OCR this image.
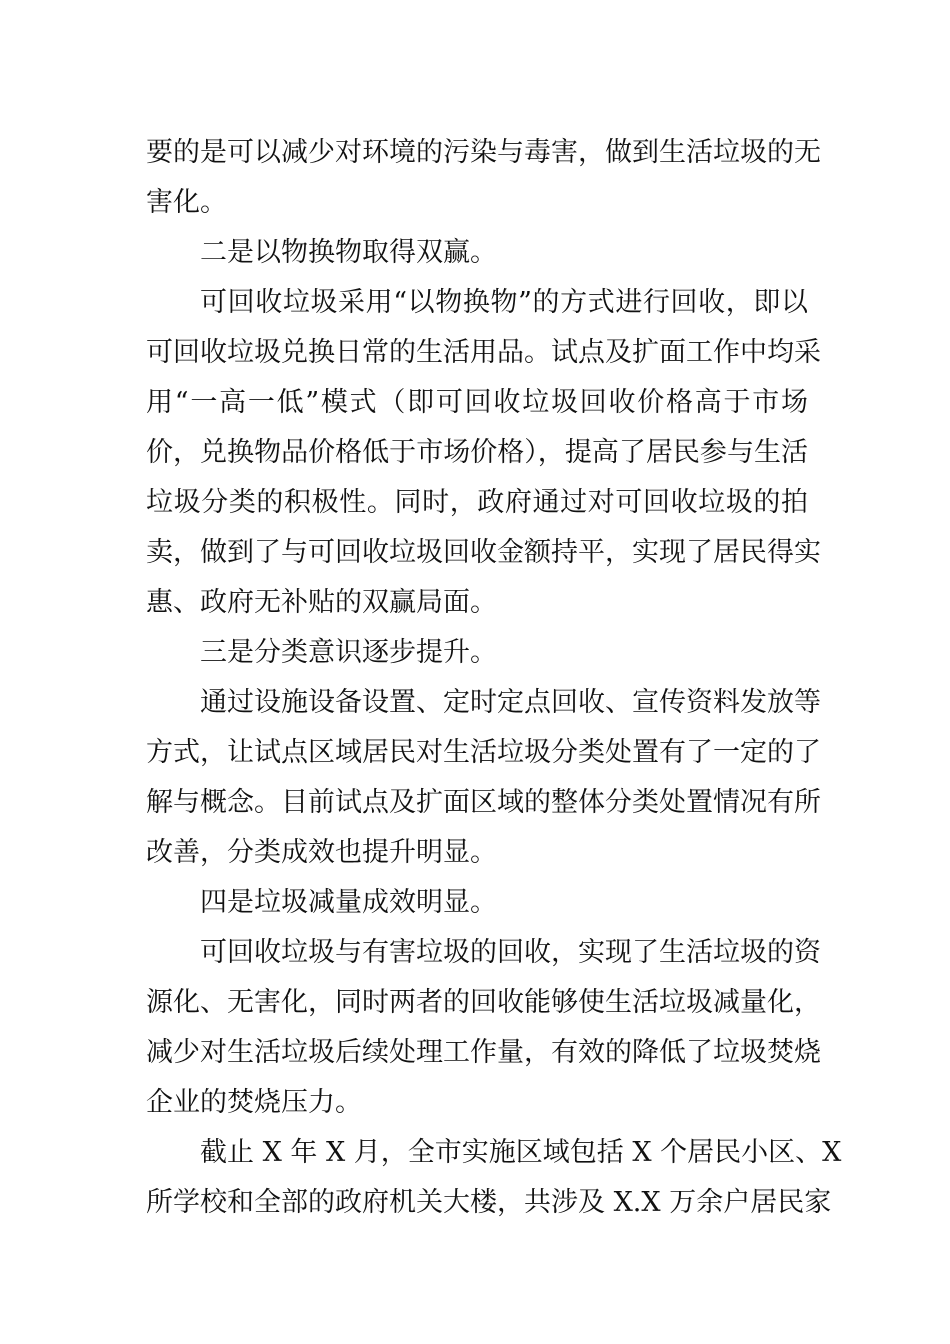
要的是可以减少对环境的污染与毒害，做到生活垃圾的无
害化。
二是以物换物取得双赢。
可回收垃圾采用“以物换物”的方式进行回收，即以
可回收垃圾兑换日常的生活用品。试点及扩面工作中均采
用“一高一低”模式（即可回收垃圾回收价格高于市场
价，兑换物品价格低于市场价格），提高了居民参与生活
垃圾分类的积极性。同时，政府通过对可回收垃圾的拍
卖，做到了与可回收垃圾回收金额持平，实现了居民得实
惠、政府无补贴的双赢局面。
三是分类意识逐步提升。
通过设施设备设置、定时定点回收、宣传资料发放等
方式，让试点区域居民对生活垃圾分类处置有了一定的了
解与概念。目前试点及扩面区域的整体分类处置情况有所
改善，分类成效也提升明显。
四是垃圾减量成效明显。
可回收垃圾与有害垃圾的回收，实现了生活垃圾的资
源化、无害化，同时两者的回收能够使生活垃圾减量化，
减少对生活垃圾后续处理工作量，有效的降低了垃圾焚烧
企业的焚烧压力。
截止 X 年 X 月，全市实施区域包括 X 个居民小区、X
所学校和全部的政府机关大楼，共涉及 X.X 万余户居民家
